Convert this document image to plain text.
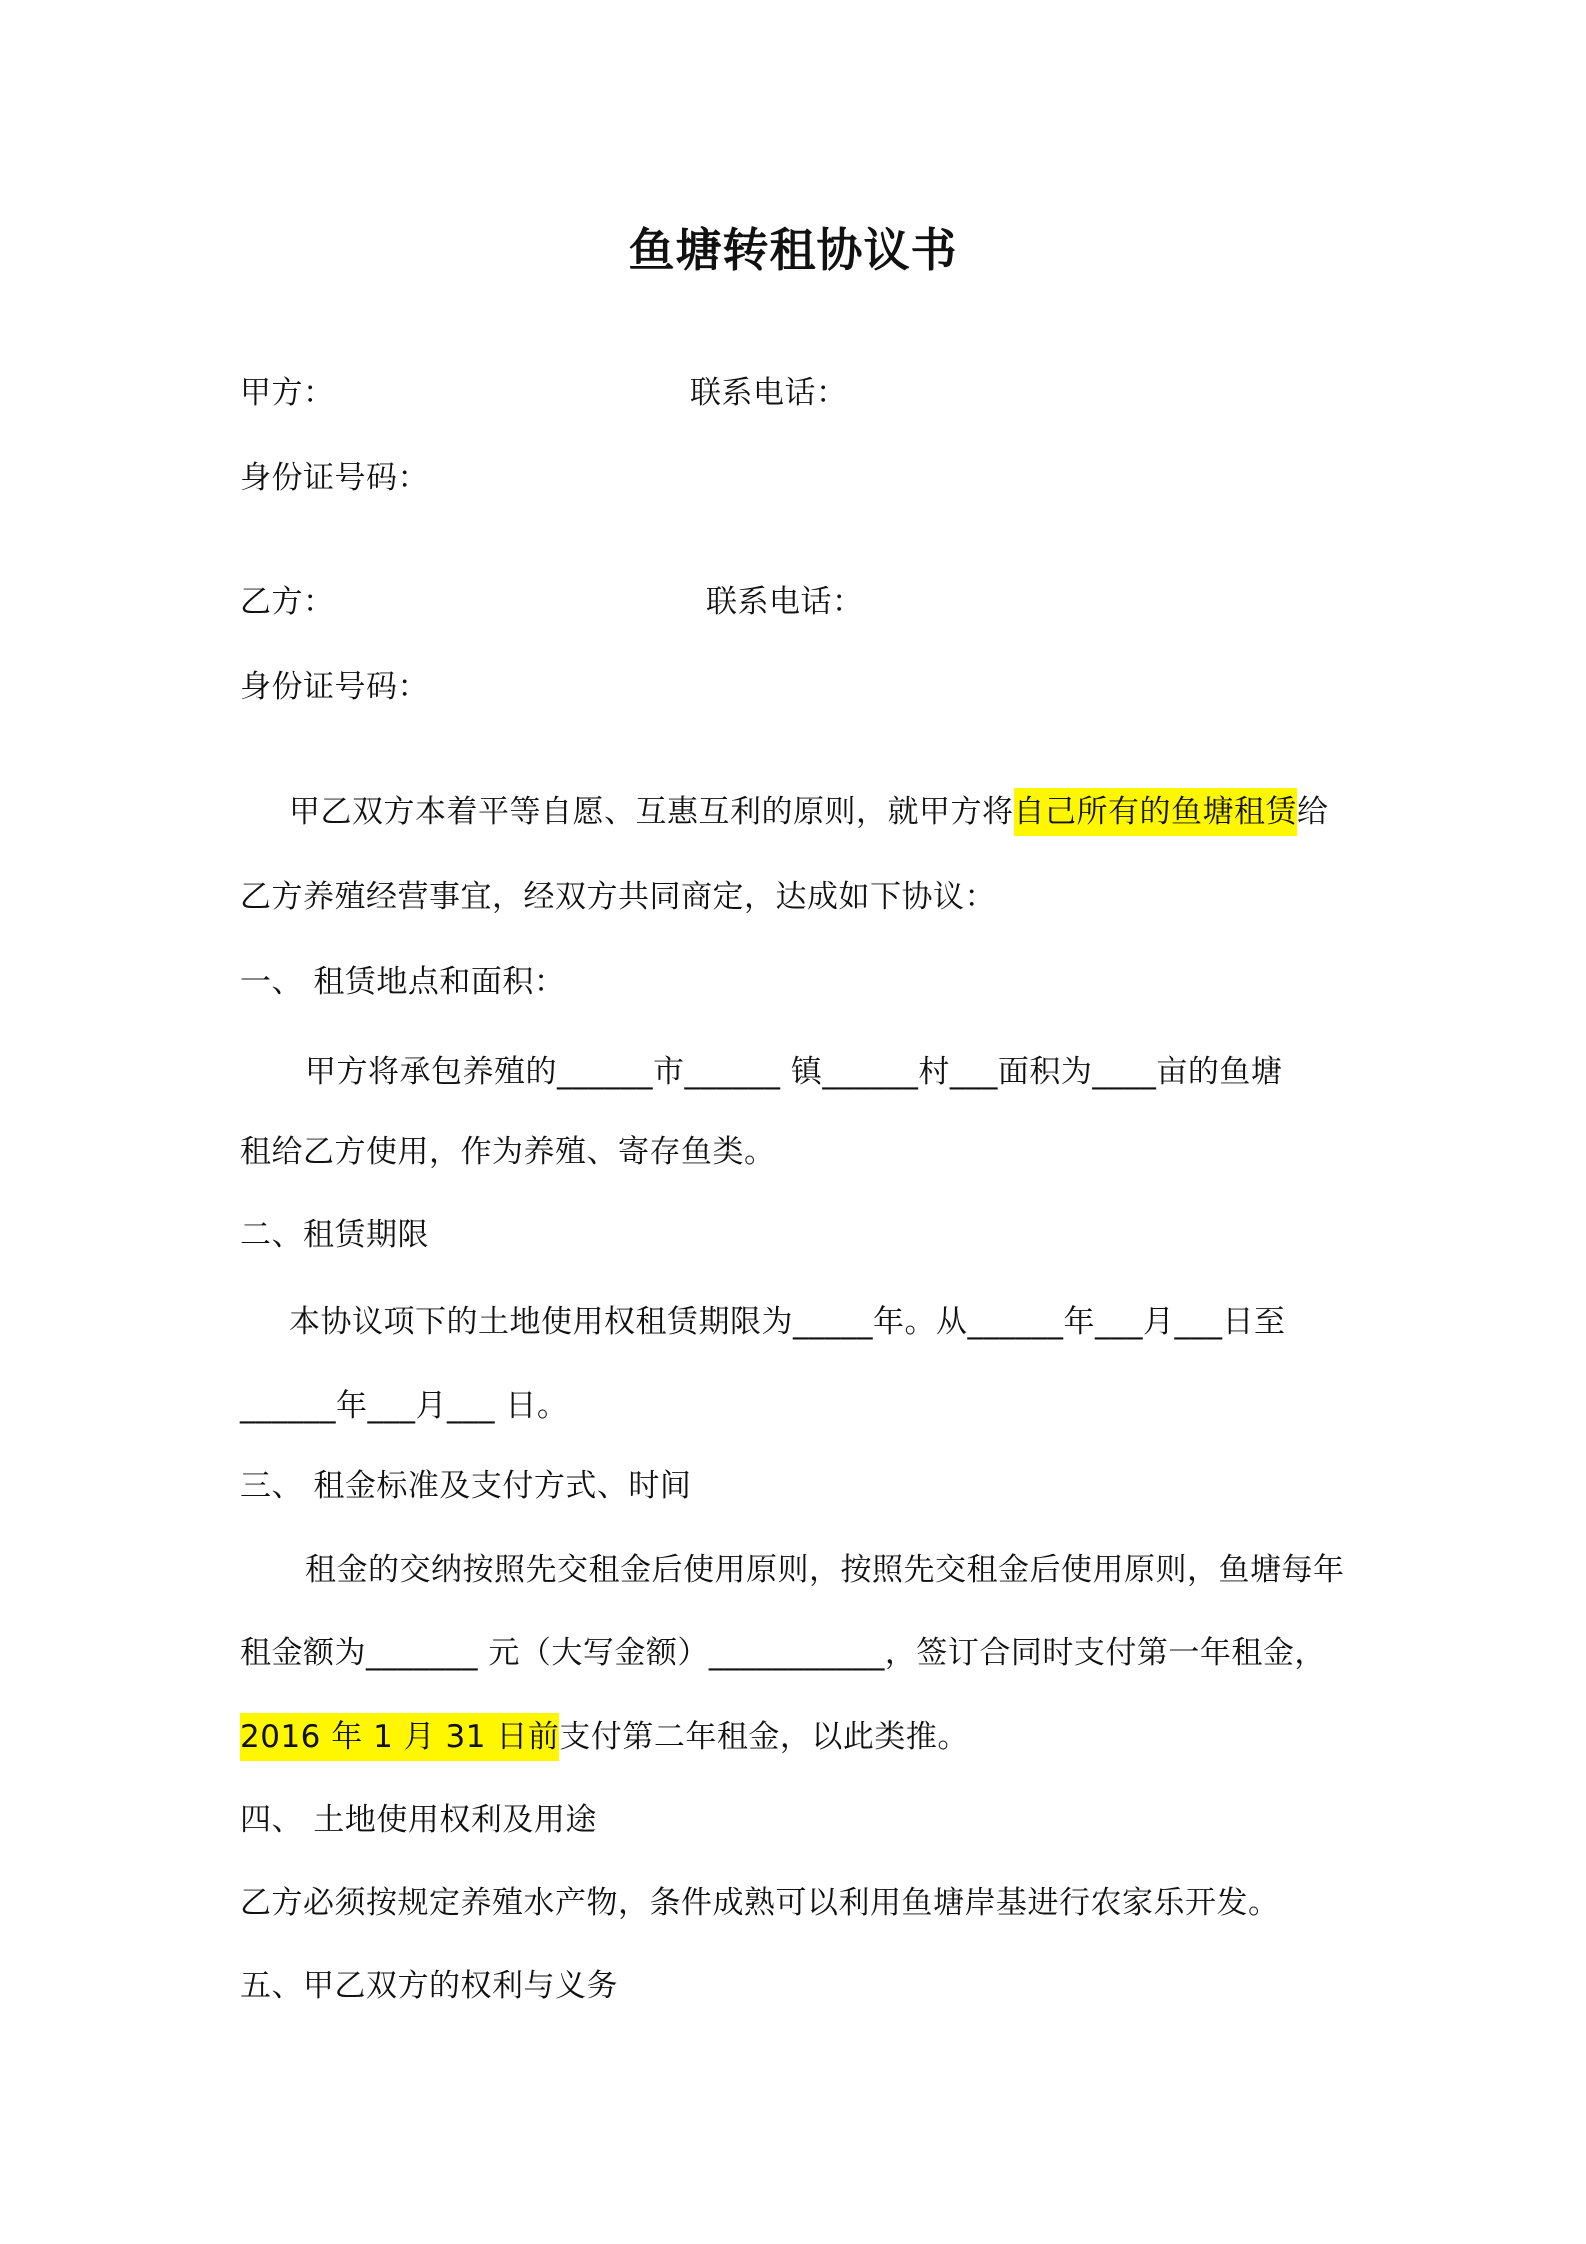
鱼塘转租协议书
甲方：	联系电话：
身份证号码：
乙方：	联系电话：
身份证号码：
甲乙双方本着平等自愿、互惠互利的原则，就甲方将自己所有的鱼塘租赁给
乙方养殖经营事宜，经双方共同商定，达成如下协议：
一、 租赁地点和面积：
甲方将承包养殖的______市______ 镇______村___面积为____亩的鱼塘
租给乙方使用，作为养殖、寄存鱼类。
二、租赁期限
本协议项下的土地使用权租赁期限为_____年。从______年___月___日至
______年___月___ 日。
三、 租金标准及支付方式、时间
租金的交纳按照先交租金后使用原则，按照先交租金后使用原则，鱼塘每年
租金额为_______ 元（大写金额）___________，签订合同时支付第一年租金，
2016 年 1 月 31 日前支付第二年租金，以此类推。
四、 土地使用权利及用途
乙方必须按规定养殖水产物，条件成熟可以利用鱼塘岸基进行农家乐开发。
五、甲乙双方的权利与义务
